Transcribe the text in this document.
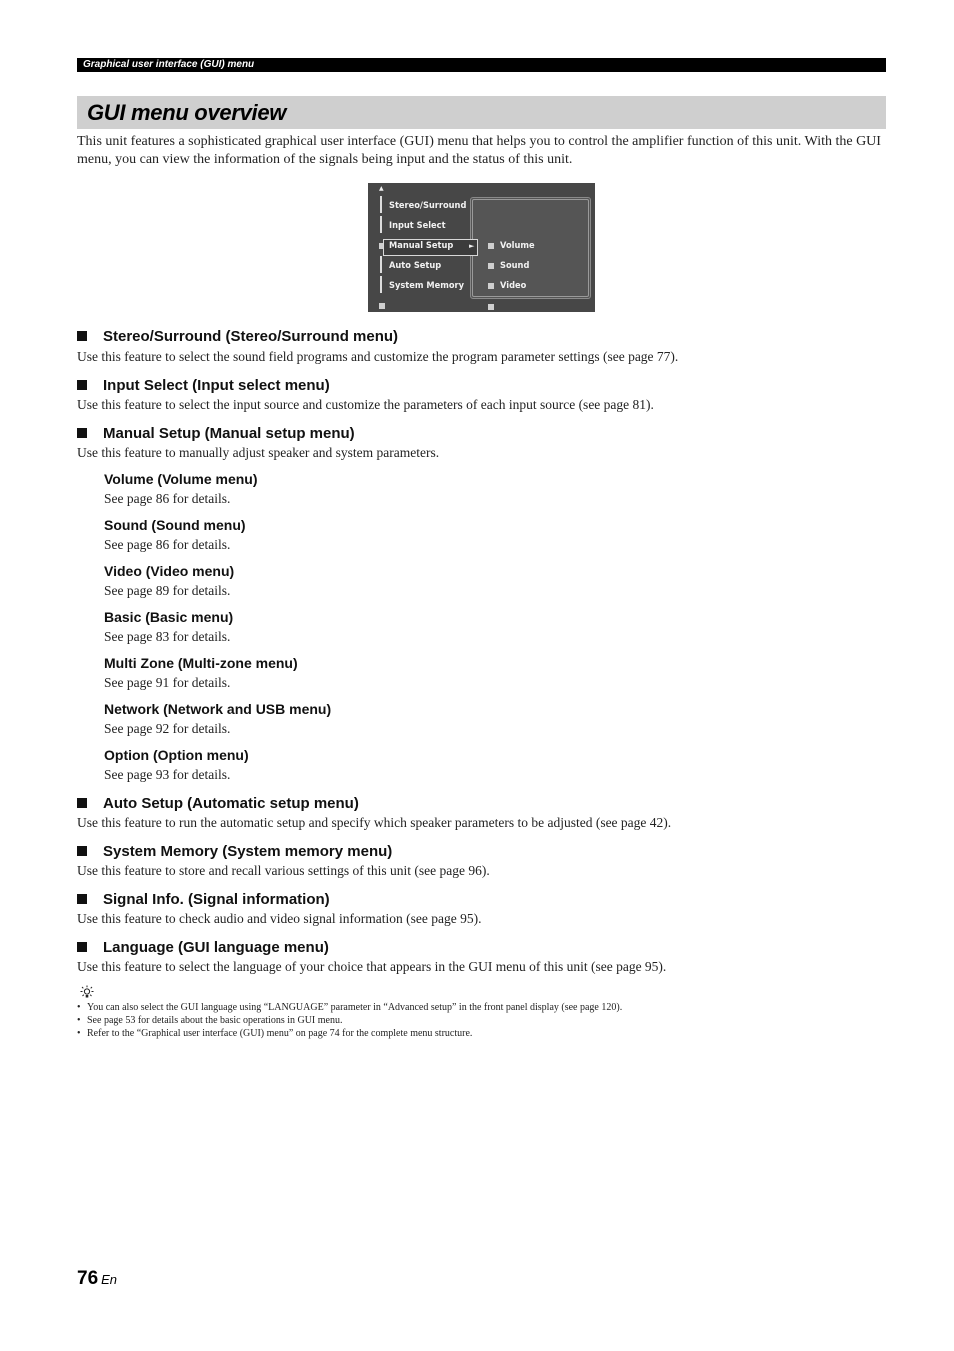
Graphical user interface (GUI) menu
GUI menu overview
This unit features a sophisticated graphical user interface (GUI) menu that helps you to control the amplifier function of this unit. With the GUI menu, you can view the information of the signals being input and the status of this unit.
▲
►
Stereo/Surround
Input Select
Manual Setup
Auto Setup
System Memory
Volume
Sound
Video
Stereo/Surround (Stereo/Surround menu)
Use this feature to select the sound field programs and customize the program parameter settings (see page 77).
Input Select (Input select menu)
Use this feature to select the input source and customize the parameters of each input source (see page 81).
Manual Setup (Manual setup menu)
Use this feature to manually adjust speaker and system parameters.
Volume (Volume menu)
See page 86 for details.
Sound (Sound menu)
See page 86 for details.
Video (Video menu)
See page 89 for details.
Basic (Basic menu)
See page 83 for details.
Multi Zone (Multi-zone menu)
See page 91 for details.
Network (Network and USB menu)
See page 92 for details.
Option (Option menu)
See page 93 for details.
Auto Setup (Automatic setup menu)
Use this feature to run the automatic setup and specify which speaker parameters to be adjusted (see page 42).
System Memory (System memory menu)
Use this feature to store and recall various settings of this unit (see page 96).
Signal Info. (Signal information)
Use this feature to check audio and video signal information (see page 95).
Language (GUI language menu)
Use this feature to select the language of your choice that appears in the GUI menu of this unit (see page 95).
• You can also select the GUI language using “LANGUAGE” parameter in “Advanced setup” in the front panel display (see page 120).
• See page 53 for details about the basic operations in GUI menu.
• Refer to the “Graphical user interface (GUI) menu” on page 74 for the complete menu structure.
76 En
